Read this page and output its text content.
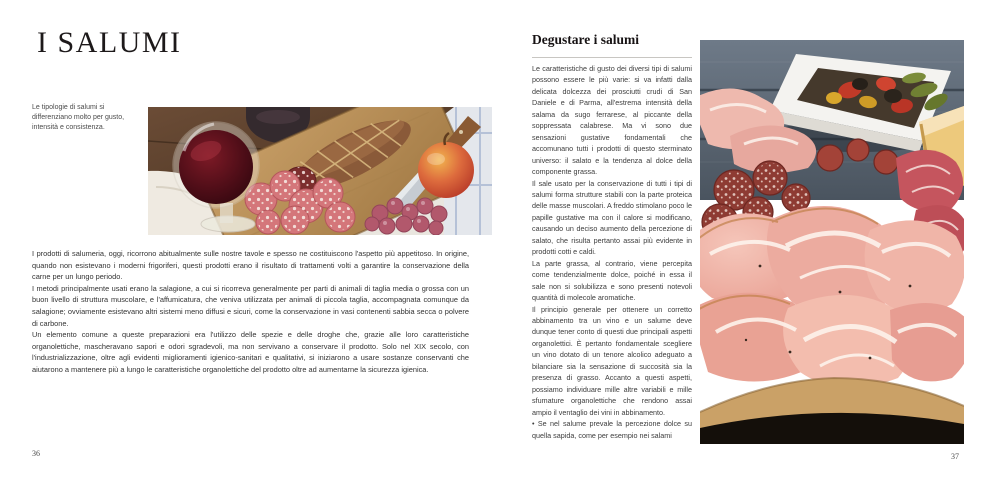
I SALUMI
Le tipologie di salumi si differenziano molto per gusto, intensità e consistenza.

I prodotti di salumeria, oggi, ricorrono abitualmente sulle nostre tavole e spesso ne costituiscono l'aspetto più appetitoso. In origine, quando non esistevano i moderni frigoriferi, questi prodotti erano il risultato di trattamenti volti a garantire la conservazione della carne per un lungo periodo.

I metodi principalmente usati erano la salagione, a cui si ricorreva generalmente per parti di animali di taglia media o grossa con un buon livello di struttura muscolare, e l'affumicatura, che veniva utilizzata per animali di piccola taglia, accompagnata comunque da salagione; ovviamente esistevano altri sistemi meno diffusi e sicuri, come la conservazione in vasi contenenti sabbia secca o polvere di carbone.

Un elemento comune a queste preparazioni era l'utilizzo delle spezie e delle droghe che, grazie alle loro caratteristiche organolettiche, mascheravano sapori e odori sgradevoli, ma non servivano a conservare il prodotto. Solo nel XIX secolo, con l'industrializzazione, oltre agli evidenti miglioramenti igienico-sanitari e qualitativi, si iniziarono a usare sostanze conservanti che aiutarono a mantenere più a lungo le caratteristiche organolettiche del prodotto oltre ad aumentarne la sicurezza igienica.

36
Degustare i salumi

Le caratteristiche di gusto dei diversi tipi di salumi possono essere le più varie: si va infatti dalla delicata dolcezza dei prosciutti crudi di San Daniele e di Parma, all'estrema intensità della salama da sugo ferrarese, al piccante della soppressata calabrese. Ma vi sono due sensazioni gustative fondamentali che accomunano tutti i prodotti di questo sterminato universo: il salato e la tendenza al dolce della componente grassa.

Il sale usato per la conservazione di tutti i tipi di salumi forma strutture stabili con la parte proteica delle masse muscolari. A freddo stimolano poco le papille gustative ma con il calore si modificano, causando un deciso aumento della percezione di salato, che risulta pertanto assai più evidente in prodotti cotti e caldi.

La parte grassa, al contrario, viene percepita come tendenzialmente dolce, poiché in essa il sale non si solubilizza e sono presenti notevoli quantità di molecole aromatiche.

Il principio generale per ottenere un corretto abbinamento tra un vino e un salume deve dunque tener conto di questi due principali aspetti organolettici. È pertanto fondamentale scegliere un vino dotato di un tenore alcolico adeguato a bilanciare sia la sensazione di succosità sia la presenza di grasso. Accanto a questi aspetti, possiamo individuare mille altre variabili e mille sfumature organolettiche che rendono assai ampio il ventaglio dei vini in abbinamento.

• Se nel salume prevale la percezione dolce su quella sapida, come per esempio nei salami

37
